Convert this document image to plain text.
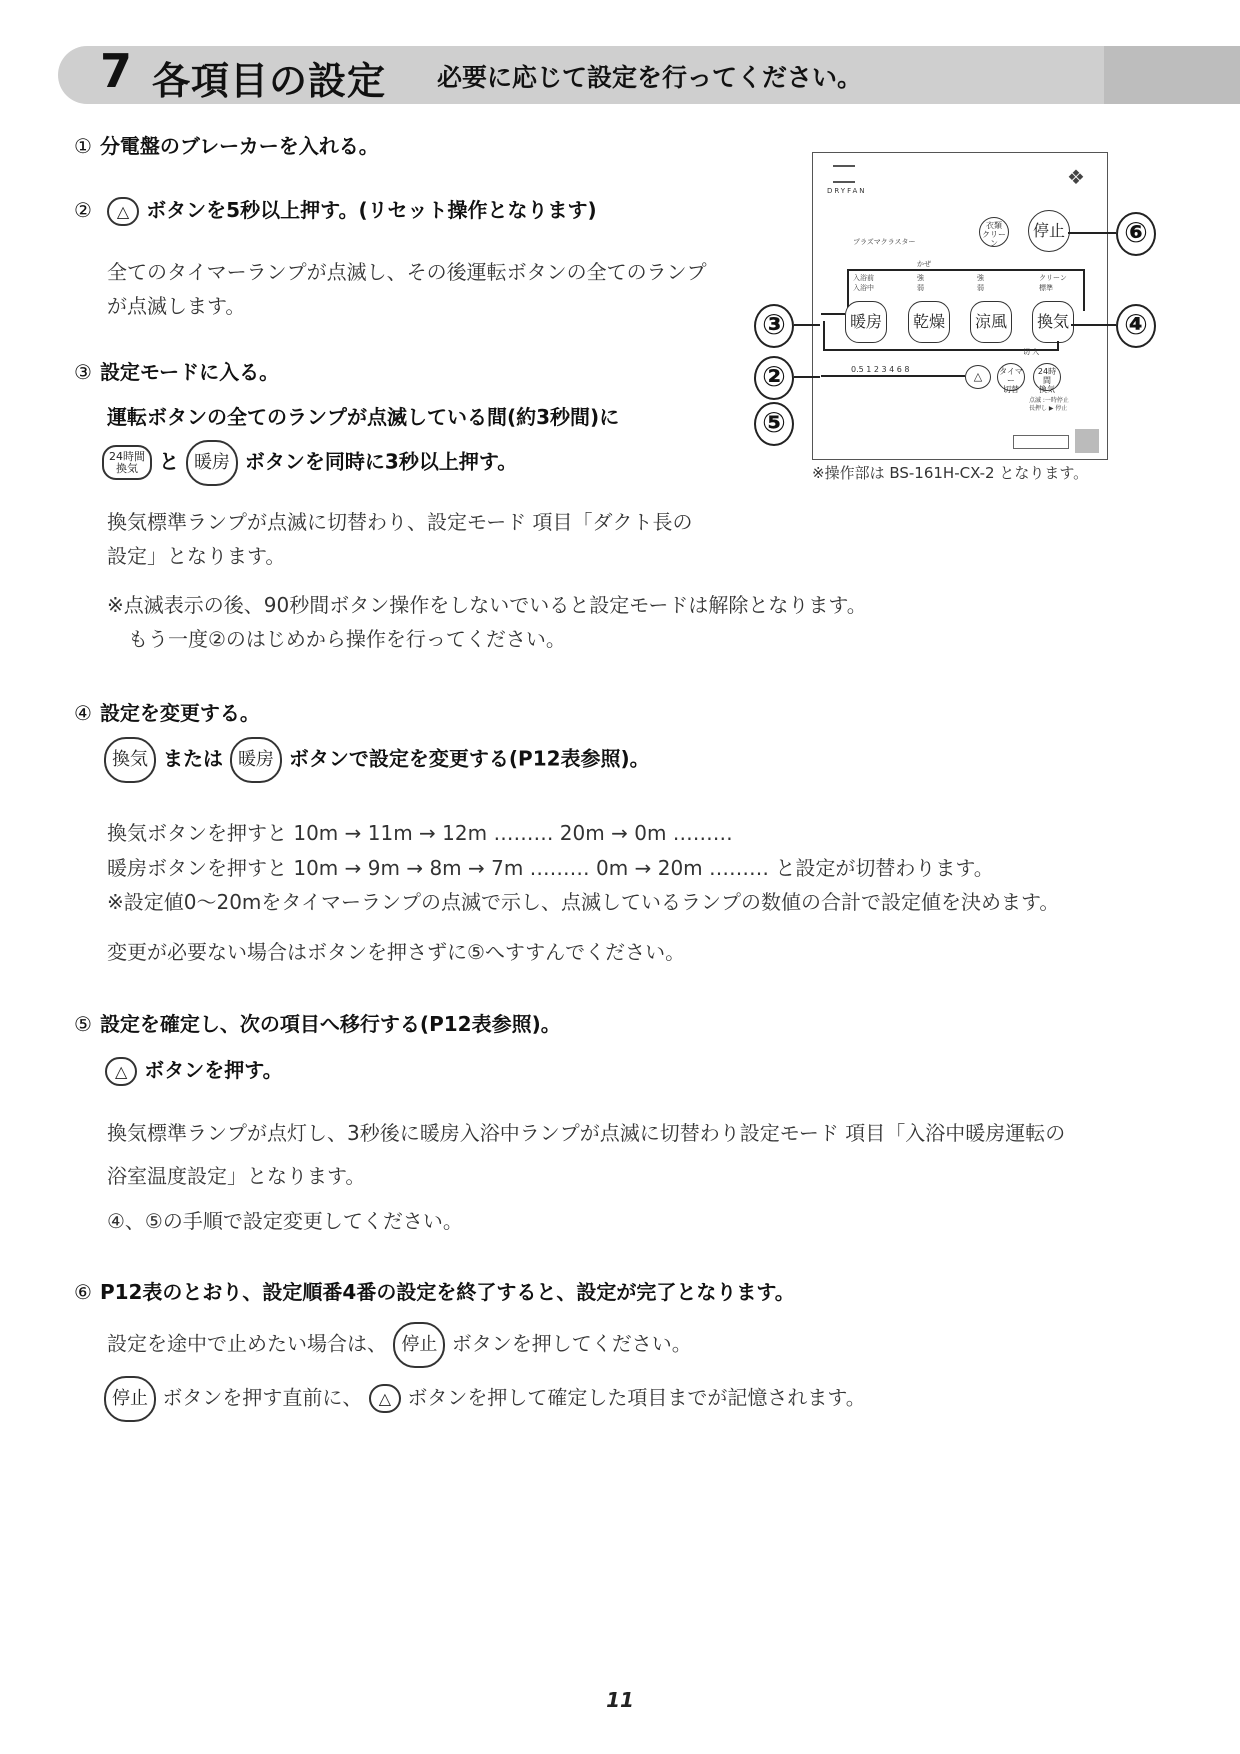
7 各項目の設定 必要に応じて設定を行ってください。
① 分電盤のブレーカーを入れる。
② △ ボタンを5秒以上押す。(リセット操作となります)
全てのタイマーランプが点滅し、その後運転ボタンの全てのランプ
が点滅します。
③ 設定モードに入る。
運転ボタンの全てのランプが点滅している間(約3秒間)に
24時間
換気 と 暖房 ボタンを同時に3秒以上押す。
換気標準ランプが点滅に切替わり、設定モード 項目「ダクト長の
設定」となります。
※点滅表示の後、90秒間ボタン操作をしないでいると設定モードは解除となります。
もう一度②のはじめから操作を行ってください。
④ 設定を変更する。
換気 または 暖房 ボタンで設定を変更する(P12表参照)。
換気ボタンを押すと 10m → 11m → 12m ……… 20m → 0m ………
暖房ボタンを押すと 10m → 9m → 8m → 7m ……… 0m → 20m ……… と設定が切替わります。
※設定値0〜20mをタイマーランプの点滅で示し、点滅しているランプの数値の合計で設定値を決めます。
変更が必要ない場合はボタンを押さずに⑤へすすんでください。
⑤ 設定を確定し、次の項目へ移行する(P12表参照)。
△ ボタンを押す。
換気標準ランプが点灯し、3秒後に暖房入浴中ランプが点滅に切替わり設定モード 項目「入浴中暖房運転の
浴室温度設定」となります。
④、⑤の手順で設定変更してください。
⑥ P12表のとおり、設定順番4番の設定を終了すると、設定が完了となります。
設定を途中で止めたい場合は、 停止 ボタンを押してください。
停止 ボタンを押す直前に、 △ ボタンを押して確定した項目までが記憶されます。
DRYFAN
❖
プラズマクラスター
衣類
クリーン
停止
かぜ
入浴前
入浴中
強
弱
強
弱
クリーン
標準
暖房	乾燥	涼風	換気
切 入
0.5 1 2 3 4 6 8
△	タイマー
切替
24時間
換気
点滅 :一時停止
長押し ▶ 停止
⑥
④
③
②
⑤
※操作部は BS-161H-CX-2 となります。
11
